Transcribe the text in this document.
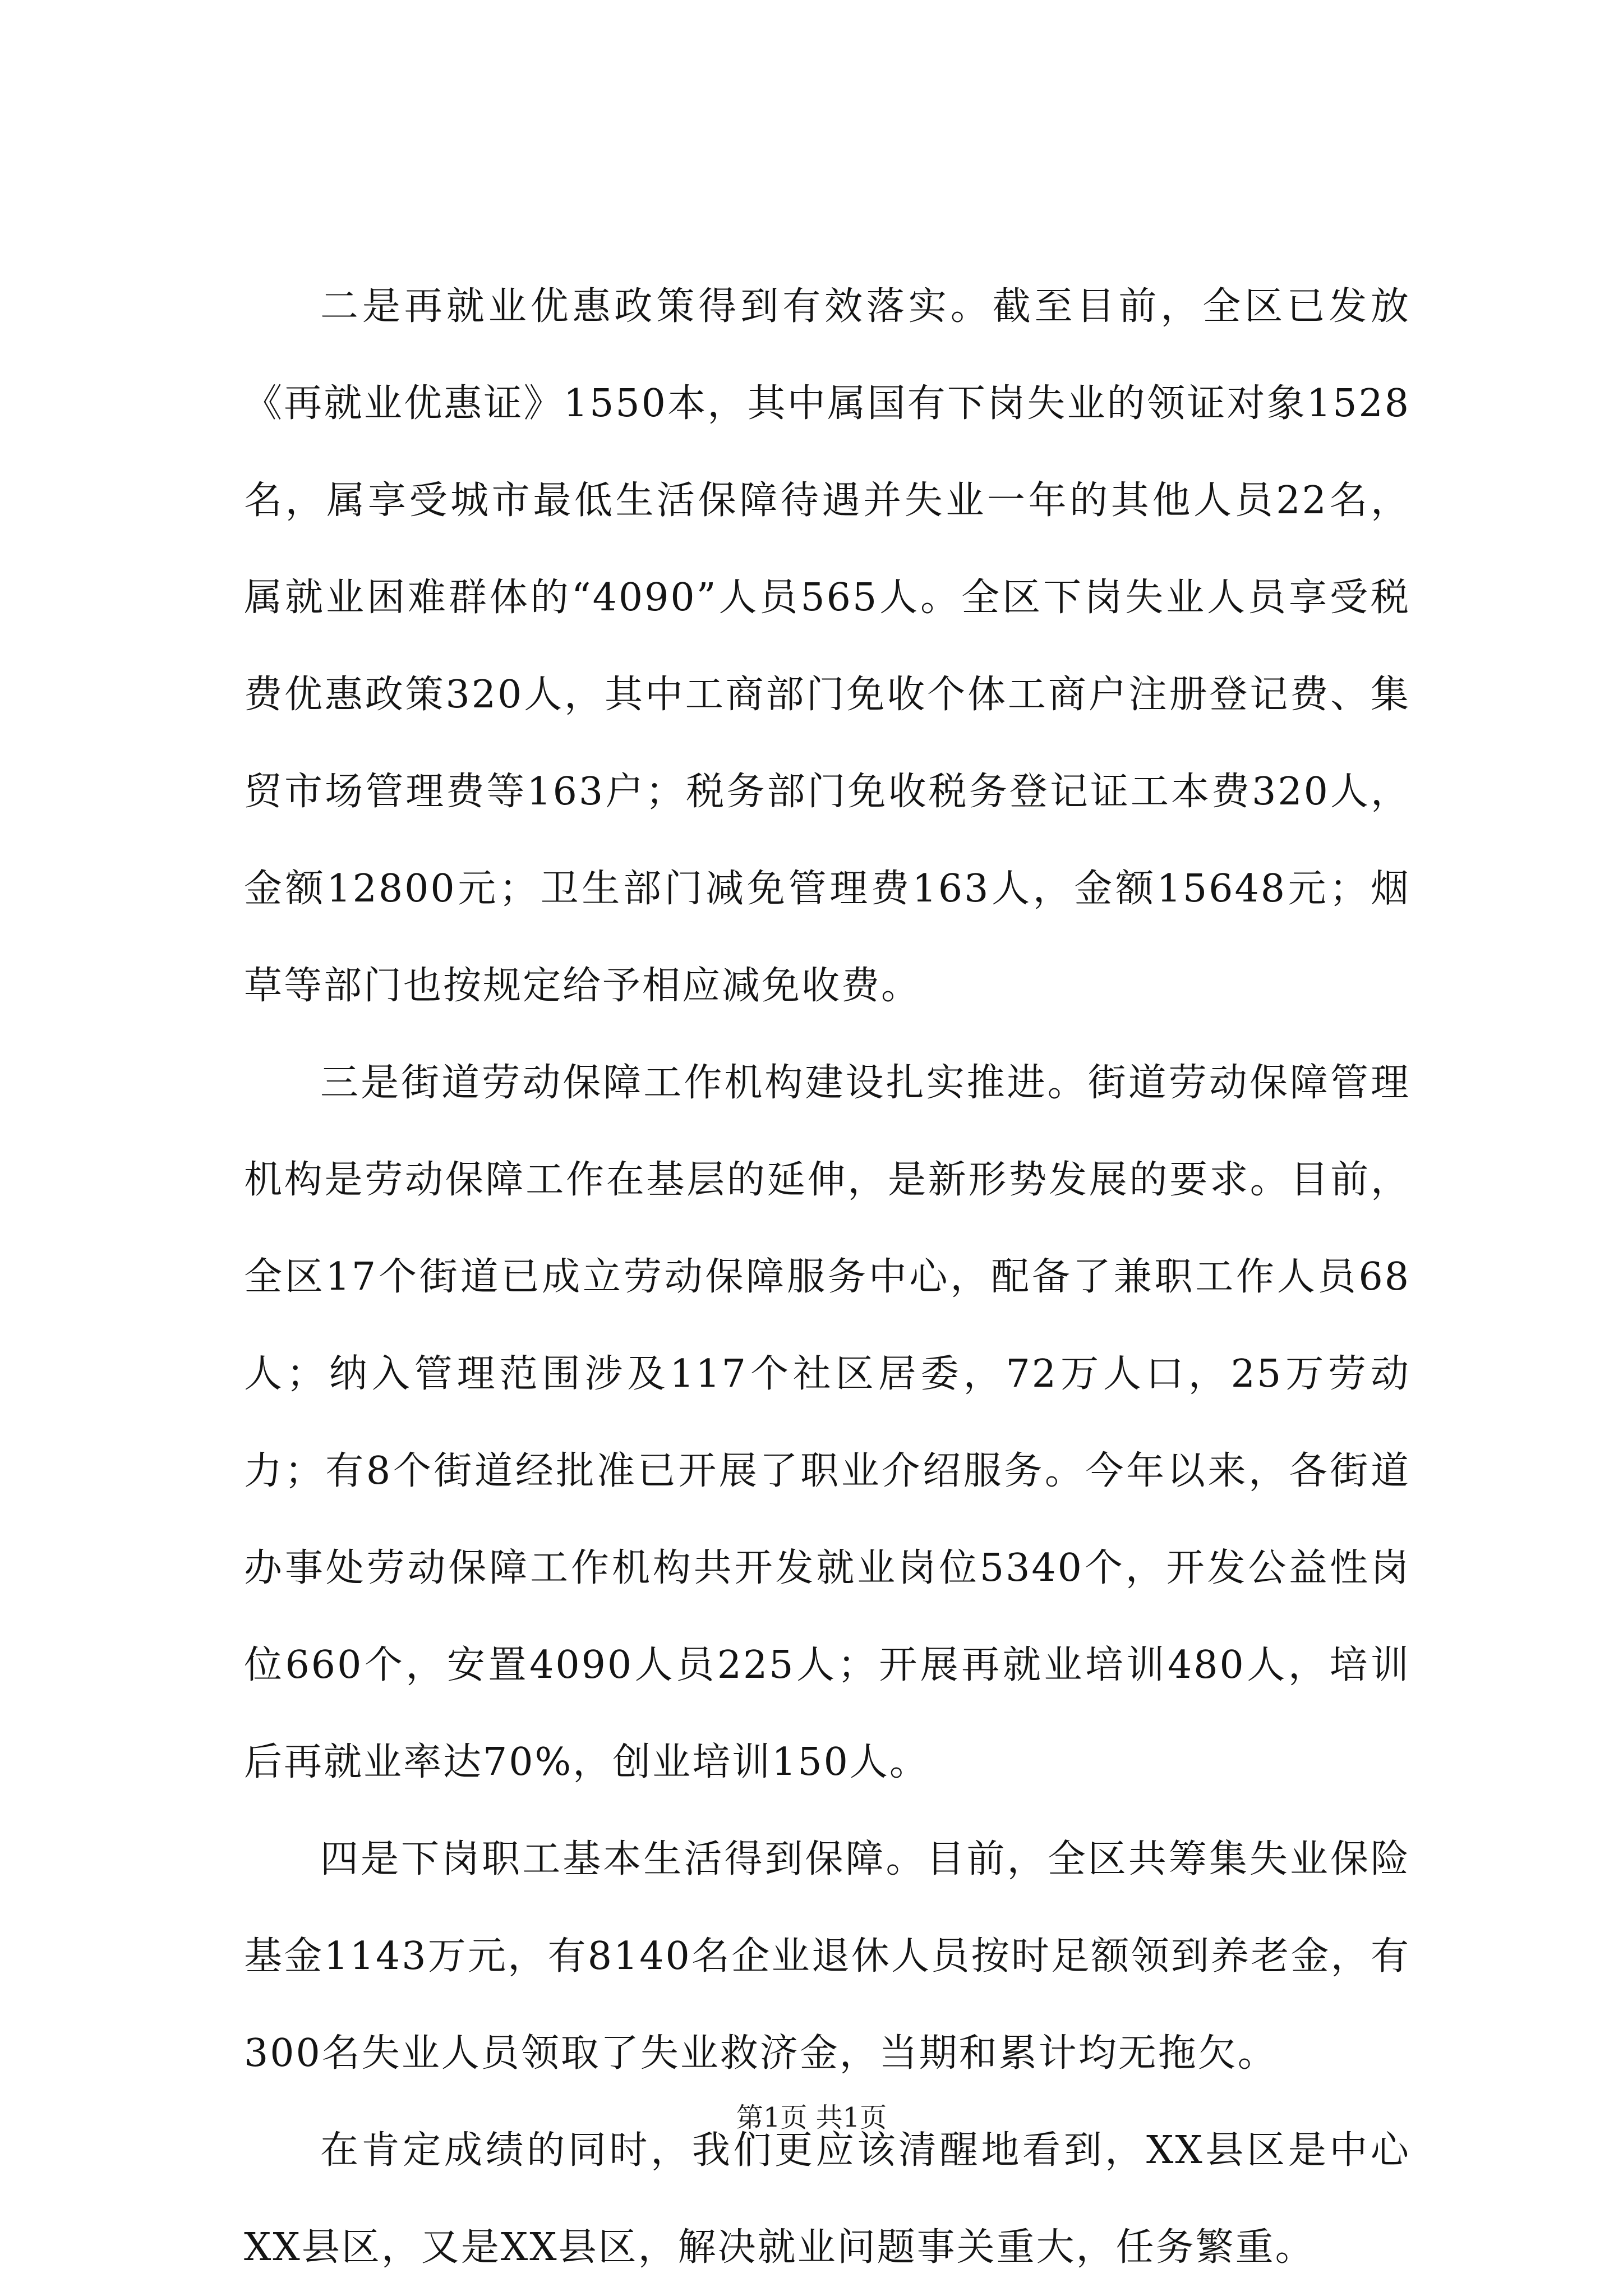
二是再就业优惠政策得到有效落实。截至目前，全区已发放《再就业优惠证》1550本，其中属国有下岗失业的领证对象1528名，属享受城市最低生活保障待遇并失业一年的其他人员22名，属就业困难群体的“4090”人员565人。全区下岗失业人员享受税费优惠政策320人，其中工商部门免收个体工商户注册登记费、集贸市场管理费等163户；税务部门免收税务登记证工本费320人，金额12800元；卫生部门减免管理费163人，金额15648元；烟草等部门也按规定给予相应减免收费。

三是街道劳动保障工作机构建设扎实推进。街道劳动保障管理机构是劳动保障工作在基层的延伸，是新形势发展的要求。目前，全区17个街道已成立劳动保障服务中心，配备了兼职工作人员68人；纳入管理范围涉及117个社区居委，72万人口，25万劳动力；有8个街道经批准已开展了职业介绍服务。今年以来，各街道办事处劳动保障工作机构共开发就业岗位5340个，开发公益性岗位660个，安置4090人员225人；开展再就业培训480人，培训后再就业率达70%，创业培训150人。

四是下岗职工基本生活得到保障。目前，全区共筹集失业保险基金1143万元，有8140名企业退休人员按时足额领到养老金，有300名失业人员领取了失业救济金，当期和累计均无拖欠。

在肯定成绩的同时，我们更应该清醒地看到，XX县区是中心XX县区，又是XX县区，解决就业问题事关重大，任务繁重。

第1页 共1页
